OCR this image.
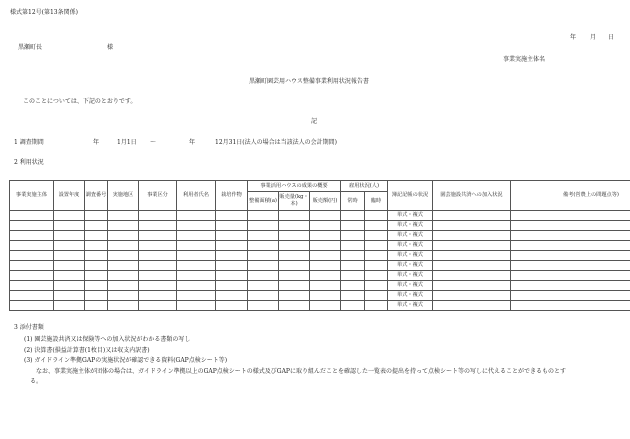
様式第12号(第13条関係)
年 月 日
黒瀬町長	様
事業実施主体名
黒瀬町園芸用ハウス整備事業利用状況報告書
このことについては、下記のとおりです。
記
1 調査期間	年	1月1日 ～	年	12月31日(法人の場合は当該法人の会計期間)
2 利用状況
事業実施主体	設置年度	調査番号	実施地区	事業区分	利用者氏名	栽培作物	事業活用ハウスの成果の概要			雇用状況(人)		簿記記帳の状況	園芸施設共済への加入状況	備考(営農上の問題点等)
							整備面積(a)	販売量(kg・本)	販売額(円)	常時	臨時			
												単式・複式		
												単式・複式		
												単式・複式		
												単式・複式		
												単式・複式		
												単式・複式		
												単式・複式		
												単式・複式		
												単式・複式		
												単式・複式		
3 添付書類
(1) 園芸施設共済又は保険等への加入状況がわかる書類の写し
(2) 決算書(損益計算書(1枚目)又は収支内訳書)
(3) ガイドライン準拠GAPの実施状況が確認できる資料(GAP点検シート等)
なお、事業実施主体が団体の場合は、ガイドライン準拠以上のGAP点検シートの様式及びGAPに取り組んだことを確認した一覧表の提出を持って点検シート等の写しに代えることができるものとす
る。
